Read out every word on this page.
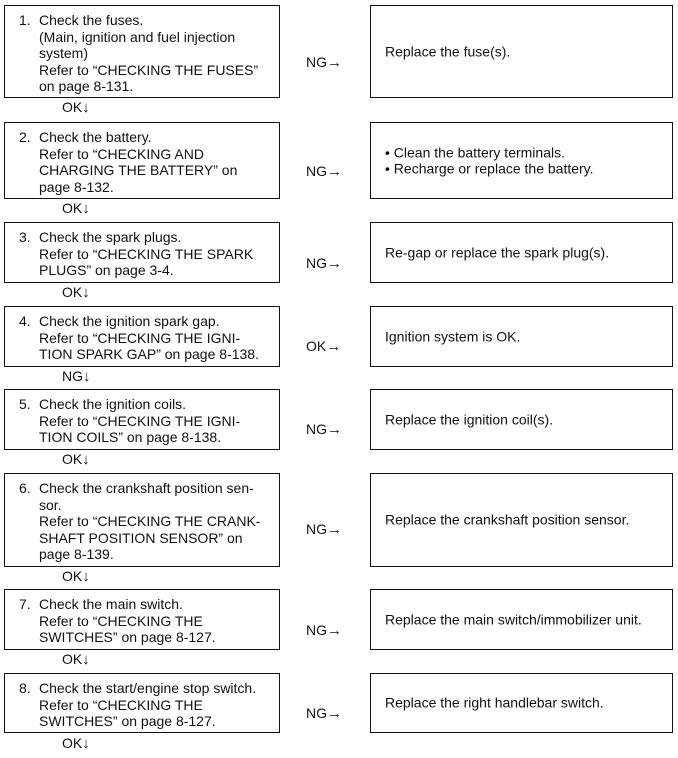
1. Check the fuses.
(Main, ignition and fuel injection
system)
Refer to “CHECKING THE FUSES”
on page 8-131.
NG→
Replace the fuse(s).
OK↓
2. Check the battery.
Refer to “CHECKING AND
CHARGING THE BATTERY” on
page 8-132.
NG→
• Clean the battery terminals.
• Recharge or replace the battery.
OK↓
3. Check the spark plugs.
Refer to “CHECKING THE SPARK
PLUGS” on page 3-4.	NG→
Re-gap or replace the spark plug(s).
OK↓
4. Check the ignition spark gap.
Refer to “CHECKING THE IGNI-
TION SPARK GAP” on page 8-138.
OK→
Ignition system is OK.
NG↓
5. Check the ignition coils.
Refer to “CHECKING THE IGNI-
TION COILS” on page 8-138.
NG→
Replace the ignition coil(s).
OK↓
6. Check the crankshaft position sen-
sor.
Refer to “CHECKING THE CRANK-
SHAFT POSITION SENSOR” on
page 8-139.
NG→
Replace the crankshaft position sensor.
OK↓
7. Check the main switch.
Refer to “CHECKING THE
SWITCHES” on page 8-127.	NG→
Replace the main switch/immobilizer unit.
OK↓
8. Check the start/engine stop switch.
Refer to “CHECKING THE
SWITCHES” on page 8-127.
NG→
Replace the right handlebar switch.
OK↓
